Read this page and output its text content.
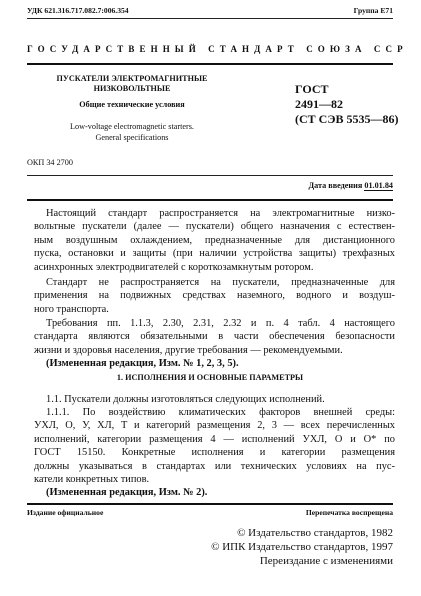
УДК 621.316.717.082.7:006.354	Группа Е71
ГОСУДАРСТВЕННЫЙ СТАНДАРТ СОЮЗА ССР
ПУСКАТЕЛИ ЭЛЕКТРОМАГНИТНЫЕ
НИЗКОВОЛЬТНЫЕ
Общие технические условия
Low-voltage electromagnetic starters.
General specifications
ГОСТ
2491—82
(СТ СЭВ 5535—86)
ОКП 34 2700
Дата введения 01.01.84
Настоящий стандарт распространяется на электромагнитные низко-
вольтные пускатели (далее — пускатели) общего назначения с естествен-
ным воздушным охлаждением, предназначенные для дистанционного
пуска, остановки и защиты (при наличии устройства защиты) трехфазных
асинхронных электродвигателей с короткозамкнутым ротором.
Стандарт не распространяется на пускатели, предназначенные для
применения на подвижных средствах наземного, водного и воздуш-
ного транспорта.
Требования пп. 1.1.3, 2.30, 2.31, 2.32 и п. 4 табл. 4 настоящего
стандарта являются обязательными в части обеспечения безопасности
жизни и здоровья населения, другие требования — рекомендуемыми.
(Измененная редакция, Изм. № 1, 2, 3, 5).
1. ИСПОЛНЕНИЯ И ОСНОВНЫЕ ПАРАМЕТРЫ
1.1. Пускатели должны изготовляться следующих исполнений.
1.1.1. По воздействию климатических факторов внешней среды:
УХЛ, О, У, ХЛ, Т и категорий размещения 2, 3 — всех перечисленных
исполнений, категории размещения 4 — исполнений УХЛ, О и О* по
ГОСТ 15150. Конкретные исполнения и категории размещения
должны указываться в стандартах или технических условиях на пус-
катели конкретных типов.
(Измененная редакция, Изм. № 2).
Издание официальное	Перепечатка воспрещена
© Издательство стандартов, 1982
© ИПК Издательство стандартов, 1997
Переиздание с изменениями
